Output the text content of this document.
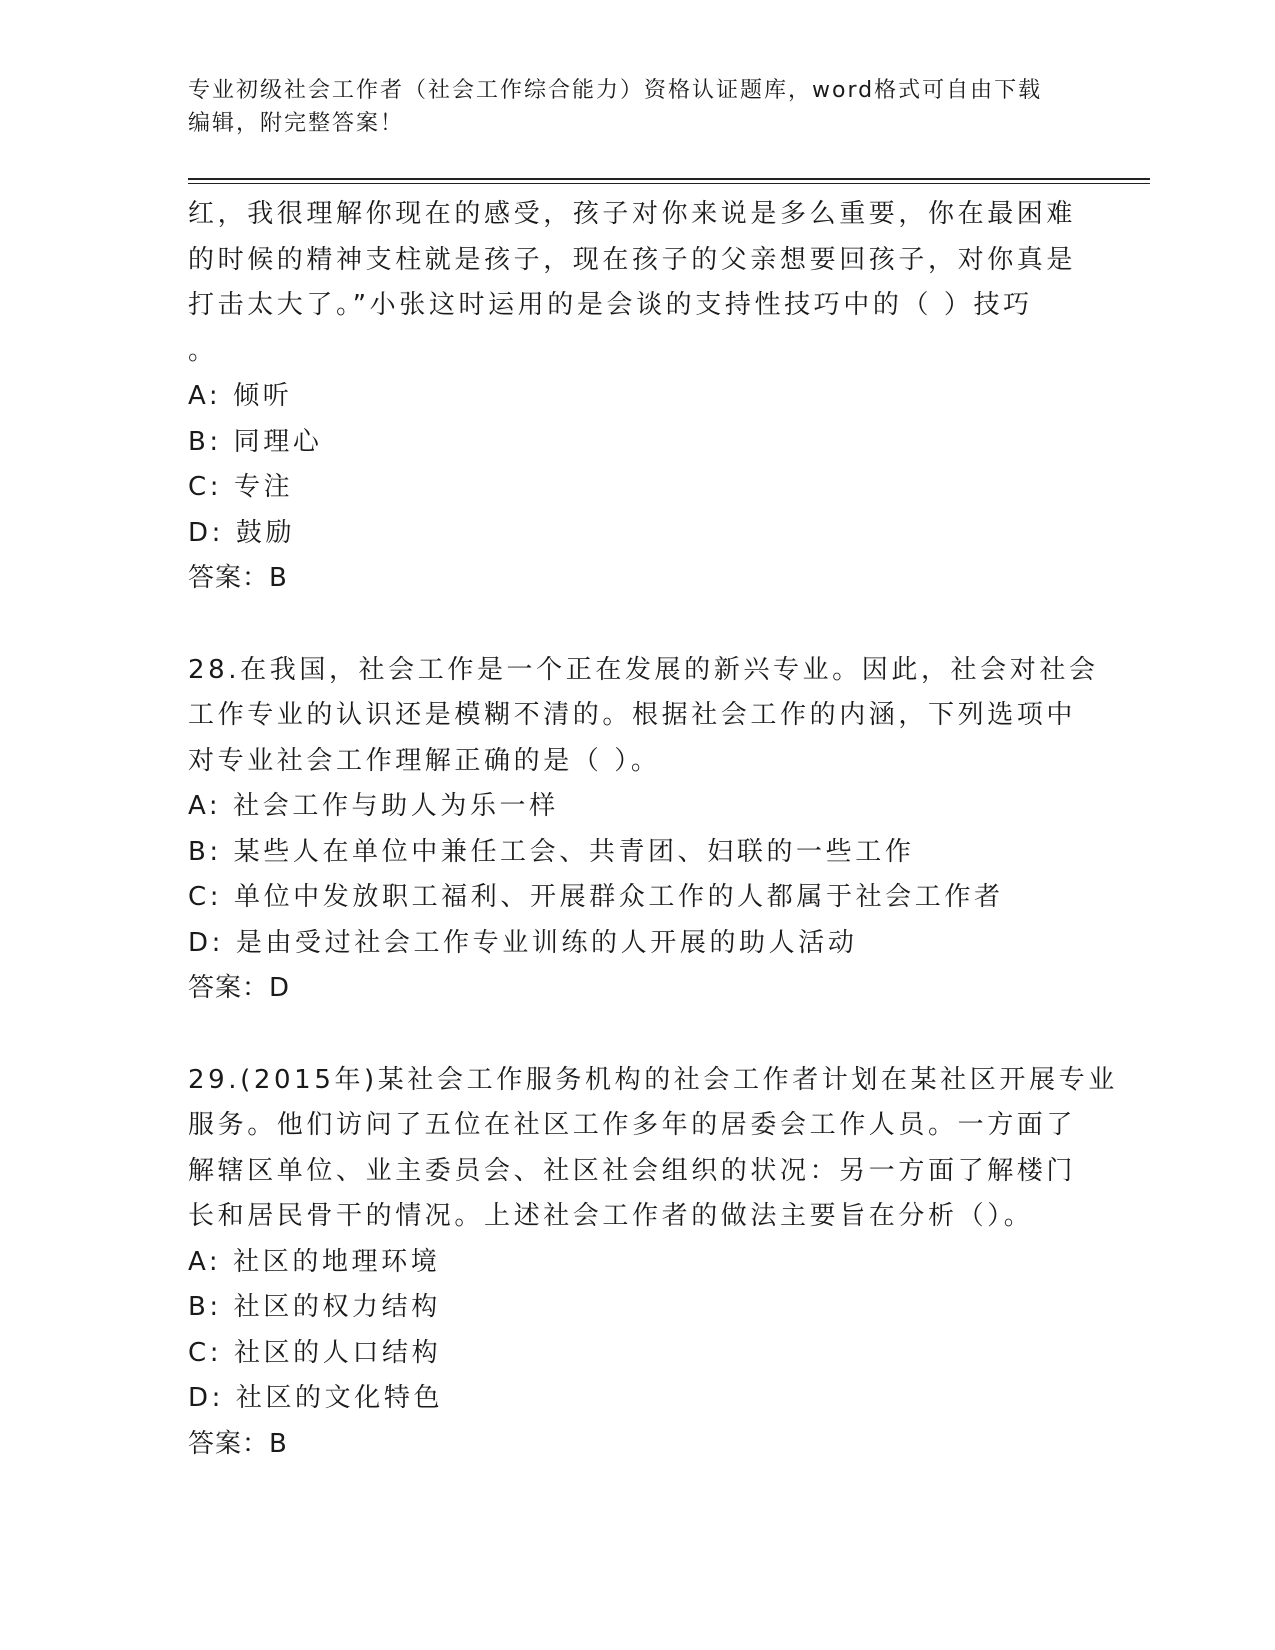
专业初级社会工作者（社会工作综合能力）资格认证题库，word格式可自由下载
编辑，附完整答案！
红，我很理解你现在的感受，孩子对你来说是多么重要，你在最困难
的时候的精神支柱就是孩子，现在孩子的父亲想要回孩子，对你真是
打击太大了。”小张这时运用的是会谈的支持性技巧中的（ ）技巧
。
A: 倾听
B: 同理心
C: 专注
D: 鼓励
答案：B
28.在我国，社会工作是一个正在发展的新兴专业。因此，社会对社会
工作专业的认识还是模糊不清的。根据社会工作的内涵，下列选项中
对专业社会工作理解正确的是（ ）。
A: 社会工作与助人为乐一样
B: 某些人在单位中兼任工会、共青团、妇联的一些工作
C: 单位中发放职工福利、开展群众工作的人都属于社会工作者
D: 是由受过社会工作专业训练的人开展的助人活动
答案：D
29.(2015年)某社会工作服务机构的社会工作者计划在某社区开展专业
服务。他们访问了五位在社区工作多年的居委会工作人员。一方面了
解辖区单位、业主委员会、社区社会组织的状况：另一方面了解楼门
长和居民骨干的情况。上述社会工作者的做法主要旨在分析（）。
A: 社区的地理环境
B: 社区的权力结构
C: 社区的人口结构
D: 社区的文化特色
答案：B
